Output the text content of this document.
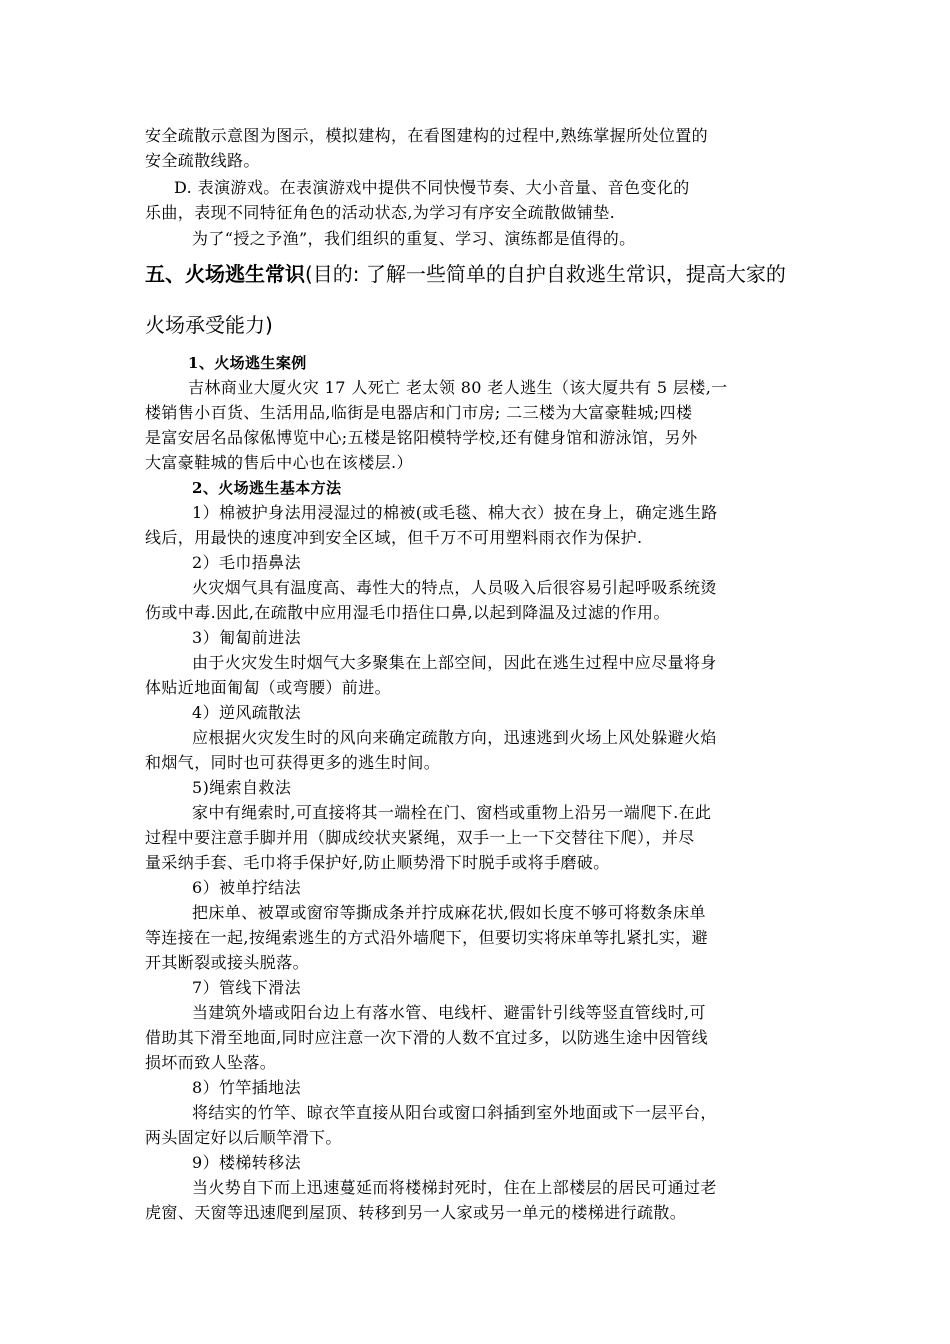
安全疏散示意图为图示，模拟建构，在看图建构的过程中,熟练掌握所处位置的
安全疏散线路。
D. 表演游戏。在表演游戏中提供不同快慢节奏、大小音量、音色变化的
乐曲，表现不同特征角色的活动状态,为学习有序安全疏散做铺垫.
为了“授之予渔”，我们组织的重复、学习、演练都是值得的。
五、火场逃生常识(目的: 了解一些简单的自护自救逃生常识，提高大家的
火场承受能力)
1、火场逃生案例
吉林商业大厦火灾 17 人死亡 老太领 80 老人逃生（该大厦共有 5 层楼,一
楼销售小百货、生活用品,临街是电器店和门市房; 二三楼为大富豪鞋城;四楼
是富安居名品傢俬博览中心;五楼是铭阳模特学校,还有健身馆和游泳馆，另外
大富豪鞋城的售后中心也在该楼层.）
2、火场逃生基本方法
1）棉被护身法用浸湿过的棉被(或毛毯、棉大衣）披在身上，确定逃生路
线后，用最快的速度冲到安全区域，但千万不可用塑料雨衣作为保护.
2）毛巾捂鼻法
火灾烟气具有温度高、毒性大的特点，人员吸入后很容易引起呼吸系统烫
伤或中毒.因此,在疏散中应用湿毛巾捂住口鼻,以起到降温及过滤的作用。
3）匍匐前进法
由于火灾发生时烟气大多聚集在上部空间，因此在逃生过程中应尽量将身
体贴近地面匍匐（或弯腰）前进。
4）逆风疏散法
应根据火灾发生时的风向来确定疏散方向，迅速逃到火场上风处躲避火焰
和烟气，同时也可获得更多的逃生时间。
5)绳索自救法
家中有绳索时,可直接将其一端栓在门、窗档或重物上沿另一端爬下.在此
过程中要注意手脚并用（脚成绞状夹紧绳，双手一上一下交替往下爬），并尽
量采纳手套、毛巾将手保护好,防止顺势滑下时脱手或将手磨破。
6）被单拧结法
把床单、被罩或窗帘等撕成条并拧成麻花状,假如长度不够可将数条床单
等连接在一起,按绳索逃生的方式沿外墙爬下，但要切实将床单等扎紧扎实，避
开其断裂或接头脱落。
7）管线下滑法
当建筑外墙或阳台边上有落水管、电线杆、避雷针引线等竖直管线时,可
借助其下滑至地面,同时应注意一次下滑的人数不宜过多，以防逃生途中因管线
损坏而致人坠落。
8）竹竿插地法
将结实的竹竿、晾衣竿直接从阳台或窗口斜插到室外地面或下一层平台，
两头固定好以后顺竿滑下。
9）楼梯转移法
当火势自下而上迅速蔓延而将楼梯封死时，住在上部楼层的居民可通过老
虎窗、天窗等迅速爬到屋顶、转移到另一人家或另一单元的楼梯进行疏散。
